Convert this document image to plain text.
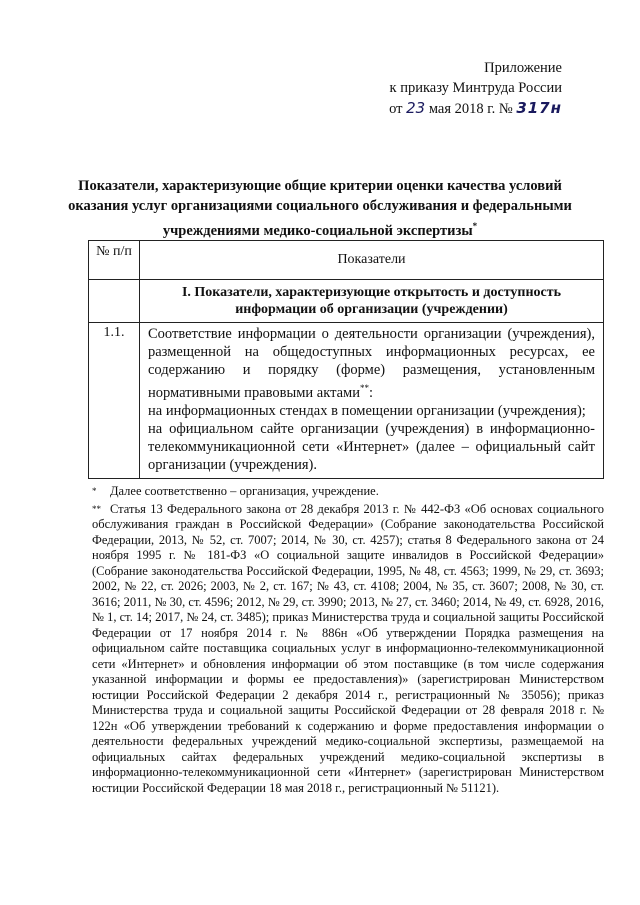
Приложение
к приказу Минтруда России
от 23 мая 2018 г. № 317н
Показатели, характеризующие общие критерии оценки качества условий оказания услуг организациями социального обслуживания и федеральными учреждениями медико-социальной экспертизы*
№ п/п	Показатели
	I. Показатели, характеризующие открытость и доступность информации об организации (учреждении)
1.1.	Соответствие информации о деятельности организации (учреждения), размещенной на общедоступных информационных ресурсах, ее содержанию и порядку (форме) размещения, установленным нормативными правовыми актами**:

на информационных стендах в помещении организации (учреждения);

на официальном сайте организации (учреждения) в информационно-телекоммуникационной сети «Интернет» (далее – официальный сайт организации (учреждения).

* Далее соответственно – организация, учреждение.

** Статья 13 Федерального закона от 28 декабря 2013 г. № 442-ФЗ «Об основах социального обслуживания граждан в Российской Федерации» (Собрание законодательства Российской Федерации, 2013, № 52, ст. 7007; 2014, № 30, ст. 4257); статья 8 Федерального закона от 24 ноября 1995 г. № 181-ФЗ «О социальной защите инвалидов в Российской Федерации» (Собрание законодательства Российской Федерации, 1995, № 48, ст. 4563; 1999, № 29, ст. 3693; 2002, № 22, ст. 2026; 2003, № 2, ст. 167; № 43, ст. 4108; 2004, № 35, ст. 3607; 2008, № 30, ст. 3616; 2011, № 30, ст. 4596; 2012, № 29, ст. 3990; 2013, № 27, ст. 3460; 2014, № 49, ст. 6928, 2016, № 1, ст. 14; 2017, № 24, ст. 3485); приказ Министерства труда и социальной защиты Российской Федерации от 17 ноября 2014 г. № 886н «Об утверждении Порядка размещения на официальном сайте поставщика социальных услуг в информационно-телекоммуникационной сети «Интернет» и обновления информации об этом поставщике (в том числе содержания указанной информации и формы ее предоставления)» (зарегистрирован Министерством юстиции Российской Федерации 2 декабря 2014 г., регистрационный № 35056); приказ Министерства труда и социальной защиты Российской Федерации от 28 февраля 2018 г. № 122н «Об утверждении требований к содержанию и форме предоставления информации о деятельности федеральных учреждений медико-социальной экспертизы, размещаемой на официальных сайтах федеральных учреждений медико-социальной экспертизы в информационно-телекоммуникационной сети «Интернет» (зарегистрирован Министерством юстиции Российской Федерации 18 мая 2018 г., регистрационный № 51121).
